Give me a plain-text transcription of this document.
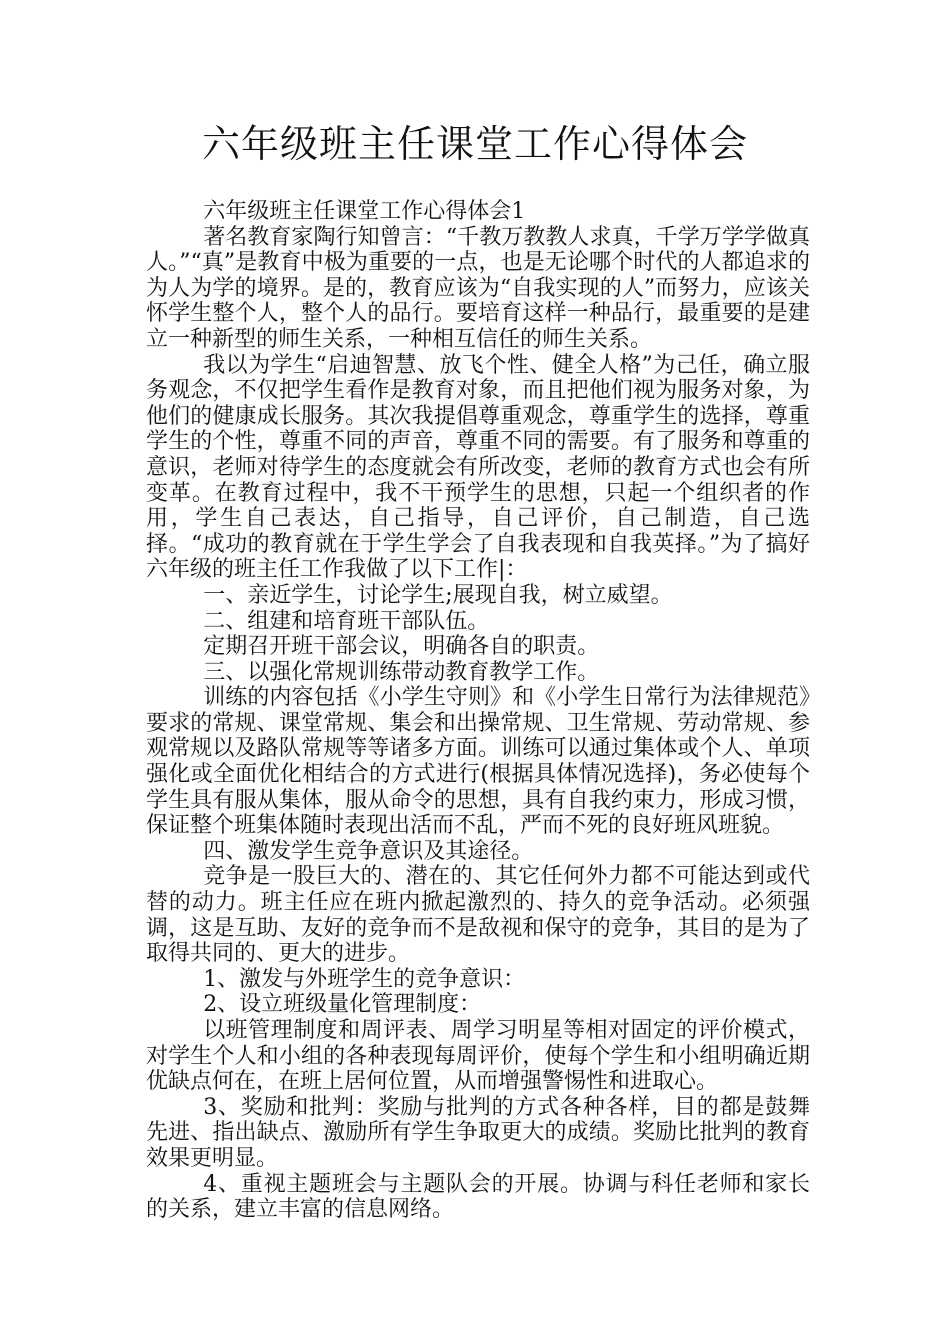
六年级班主任课堂工作心得体会

六年级班主任课堂工作心得体会1

著名教育家陶行知曾言：“千教万教教人求真，千学万学学做真人。”“真”是教育中极为重要的一点，也是无论哪个时代的人都追求的为人为学的境界。是的，教育应该为“自我实现的人”而努力，应该关怀学生整个人，整个人的品行。要培育这样一种品行，最重要的是建立一种新型的师生关系，一种相互信任的师生关系。

我以为学生“启迪智慧、放飞个性、健全人格”为己任，确立服务观念，不仅把学生看作是教育对象，而且把他们视为服务对象，为他们的健康成长服务。其次我提倡尊重观念，尊重学生的选择，尊重学生的个性，尊重不同的声音，尊重不同的需要。有了服务和尊重的意识，老师对待学生的态度就会有所改变，老师的教育方式也会有所变革。在教育过程中，我不干预学生的思想，只起一个组织者的作用，学生自己表达，自己指导，自己评价，自己制造，自己选择。“成功的教育就在于学生学会了自我表现和自我英择。”为了搞好六年级的班主任工作我做了以下工作|：

一、亲近学生，讨论学生;展现自我，树立威望。

二、组建和培育班干部队伍。

定期召开班干部会议，明确各自的职责。

三、以强化常规训练带动教育教学工作。

训练的内容包括《小学生守则》和《小学生日常行为法律规范》要求的常规、课堂常规、集会和出操常规、卫生常规、劳动常规、参观常规以及路队常规等等诸多方面。训练可以通过集体或个人、单项强化或全面优化相结合的方式进行(根据具体情况选择)，务必使每个学生具有服从集体，服从命令的思想，具有自我约束力，形成习惯，保证整个班集体随时表现出活而不乱，严而不死的良好班风班貌。

四、激发学生竞争意识及其途径。

竞争是一股巨大的、潜在的、其它任何外力都不可能达到或代替的动力。班主任应在班内掀起激烈的、持久的竞争活动。必须强调，这是互助、友好的竞争而不是敌视和保守的竞争，其目的是为了取得共同的、更大的进步。

1、激发与外班学生的竞争意识：

2、设立班级量化管理制度：

以班管理制度和周评表、周学习明星等相对固定的评价模式，对学生个人和小组的各种表现每周评价，使每个学生和小组明确近期优缺点何在，在班上居何位置，从而增强警惕性和进取心。

3、奖励和批判：奖励与批判的方式各种各样，目的都是鼓舞先进、指出缺点、激励所有学生争取更大的成绩。奖励比批判的教育效果更明显。

4、重视主题班会与主题队会的开展。协调与科任老师和家长的关系，建立丰富的信息网络。
